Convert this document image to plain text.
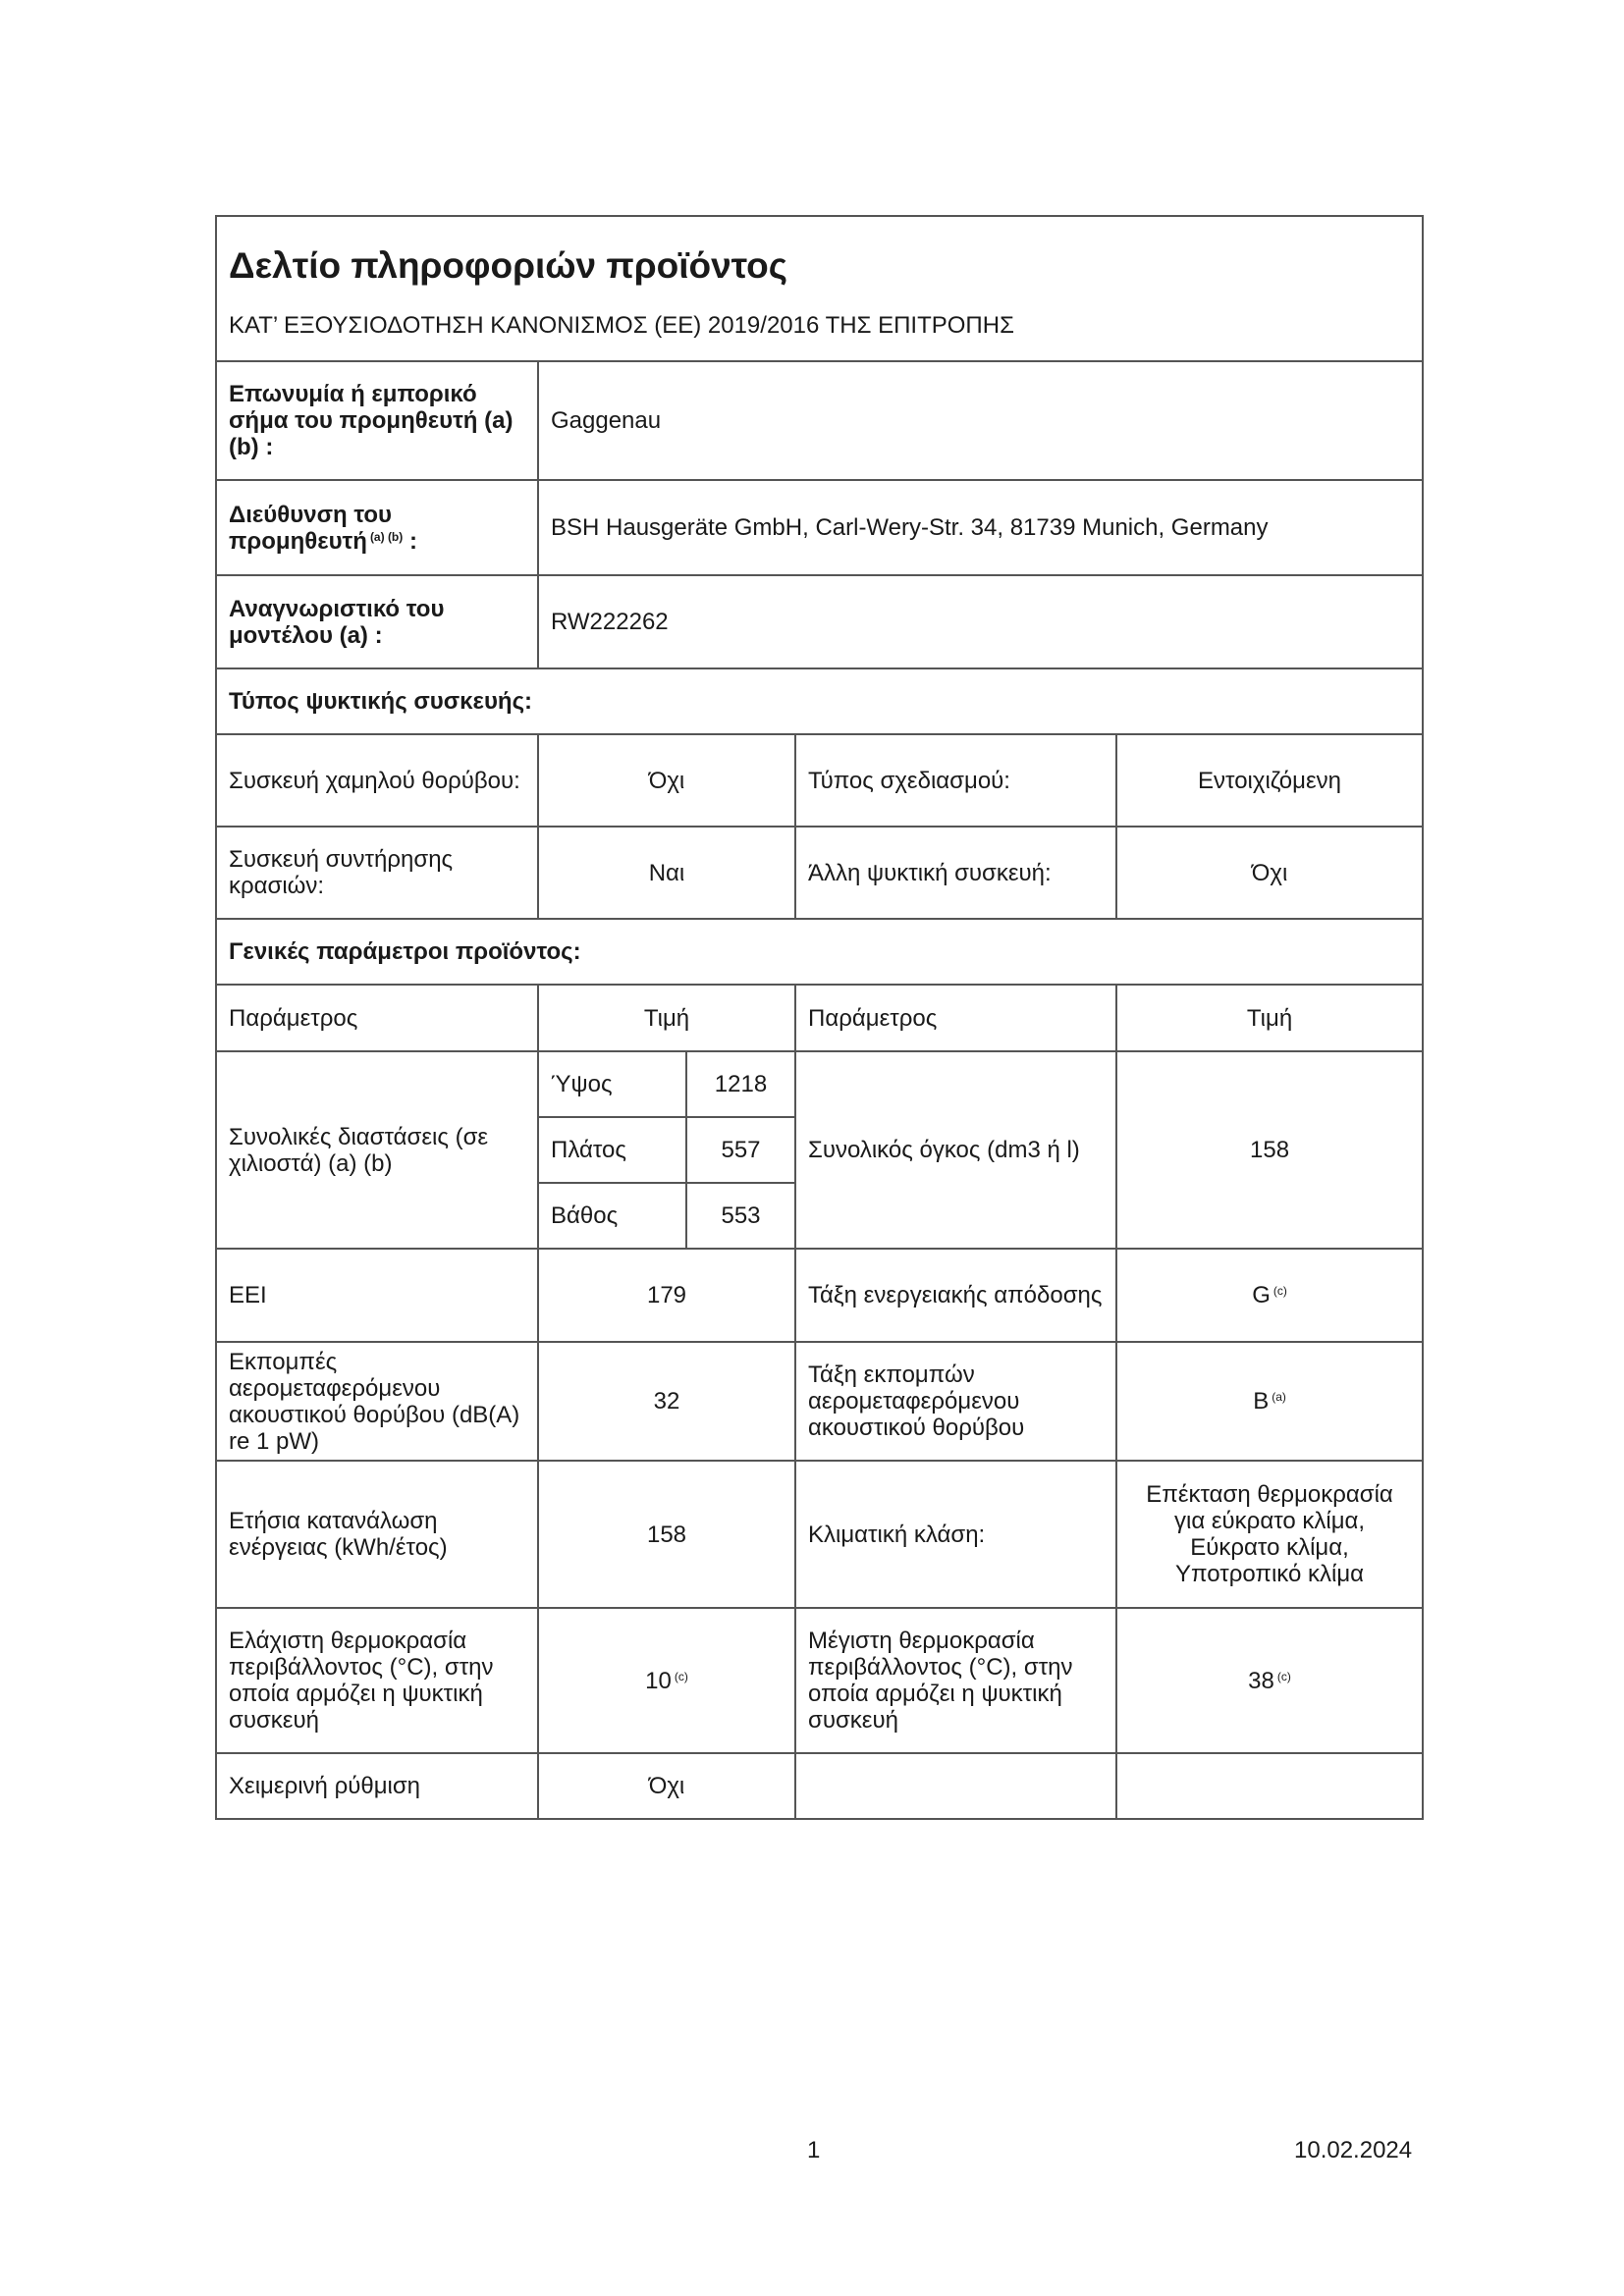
Δελτίο πληροφοριών προϊόντος
ΚΑΤ’ ΕΞΟΥΣΙΟΔΟΤΗΣΗ ΚΑΝΟΝΙΣΜΟΣ (ΕΕ) 2019/2016 ΤΗΣ ΕΠΙΤΡΟΠΗΣ				

Επωνυμία ή εμπορικό σήμα του προμηθευτή (a) (b) :	Gaggenau			
Διεύθυνση του προμηθευτή $^{(a) (b)}$ :	BSH Hausgeräte GmbH, Carl-Wery-Str. 34, 81739 Munich, Germany			
Αναγνωριστικό του μοντέλου (a) :	RW222262			
Τύπος ψυκτικής συσκευής:				
Συσκευή χαμηλού θορύβου:	Όχι		Τύπος σχεδιασμού:	Εντοιχιζόμενη
Συσκευή συντήρησης κρασιών:	Ναι		Άλλη ψυκτική συσκευή:	Όχι
Γενικές παράμετροι προϊόντος:				
Παράμετρος	Τιμή		Παράμετρος	Τιμή
Συνολικές διαστάσεις (σε χιλιοστά) (a) (b)	Ύψος	1218	Συνολικός όγκος (dm3 ή l)	158
	Πλάτος	557		
	Βάθος	553		
EEI	179		Τάξη ενεργειακής απόδοσης	G $^{(c)}$
Εκπομπές αερομεταφερόμενου ακουστικού θορύβου (dB(A) re 1 pW)	32		Τάξη εκπομπών αερομεταφερόμενου ακουστικού θορύβου	B $^{(a)}$
Ετήσια κατανάλωση ενέργειας (kWh/έτος)	158		Κλιματική κλάση:	Επέκταση θερμοκρασία για εύκρατο κλίμα, Εύκρατο κλίμα, Υποτροπικό κλίμα
Ελάχιστη θερμοκρασία περιβάλλοντος (°C), στην οποία αρμόζει η ψυκτική συσκευή	10 $^{(c)}$		Μέγιστη θερμοκρασία περιβάλλοντος (°C), στην οποία αρμόζει η ψυκτική συσκευή	38 $^{(c)}$
Χειμερινή ρύθμιση	Όχι			
1	10.02.2024
